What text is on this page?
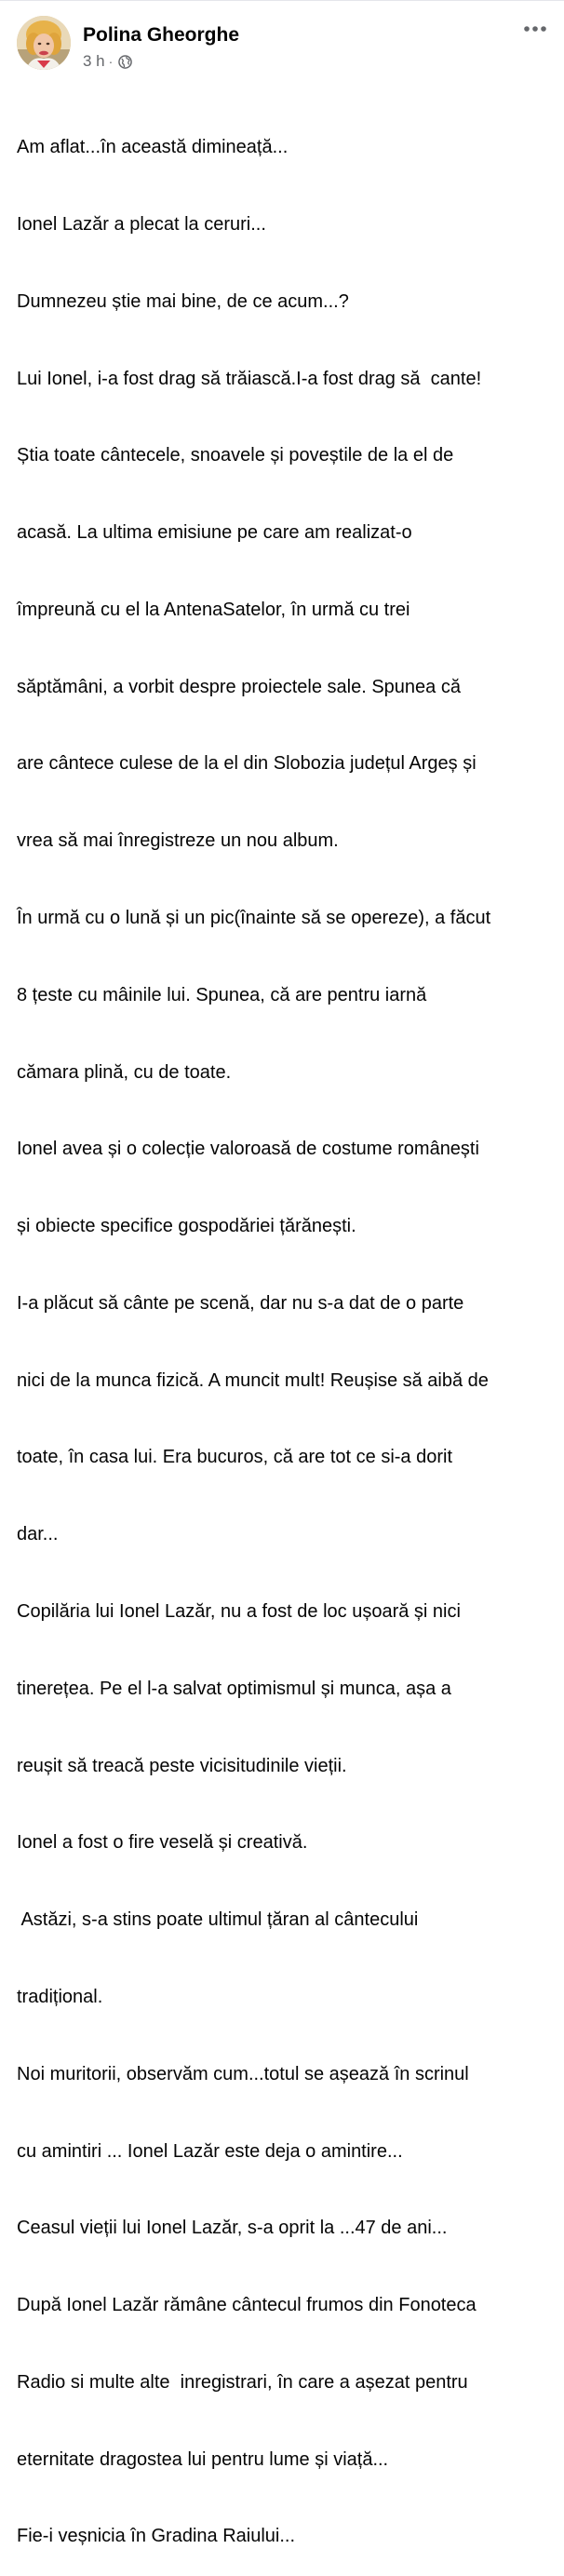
Polina Gheorghe
3 h ·

Am aflat...în această dimineață...

Ionel Lazăr a plecat la ceruri...

Dumnezeu știe mai bine, de ce acum...?

Lui Ionel, i-a fost drag să trăiască.I-a fost drag să  cante!

Știa toate cântecele, snoavele și poveștile de la el de

acasă. La ultima emisiune pe care am realizat-o

împreună cu el la AntenaSatelor, în urmă cu trei

săptămâni, a vorbit despre proiectele sale. Spunea că

are cântece culese de la el din Slobozia județul Argeș și

vrea să mai înregistreze un nou album.

În urmă cu o lună și un pic(înainte să se opereze), a făcut

8 țeste cu mâinile lui. Spunea, că are pentru iarnă

cămara plină, cu de toate.

Ionel avea și o colecție valoroasă de costume românești

și obiecte specifice gospodăriei țărănești.

I-a plăcut să cânte pe scenă, dar nu s-a dat de o parte

nici de la munca fizică. A muncit mult! Reușise să aibă de

toate, în casa lui. Era bucuros, că are tot ce si-a dorit

dar...

Copilăria lui Ionel Lazăr, nu a fost de loc ușoară și nici

tinerețea. Pe el l-a salvat optimismul și munca, așa a

reușit să treacă peste vicisitudinile vieții.

Ionel a fost o fire veselă și creativă.

Astăzi, s-a stins poate ultimul țăran al cântecului

tradițional.

Noi muritorii, observăm cum...totul se așează în scrinul

cu amintiri ... Ionel Lazăr este deja o amintire...

Ceasul vieții lui Ionel Lazăr, s-a oprit la ...47 de ani...

După Ionel Lazăr rămâne cântecul frumos din Fonoteca

Radio si multe alte  inregistrari, în care a așezat pentru

eternitate dragostea lui pentru lume și viață...

Fie-i veșnicia în Gradina Raiului...
